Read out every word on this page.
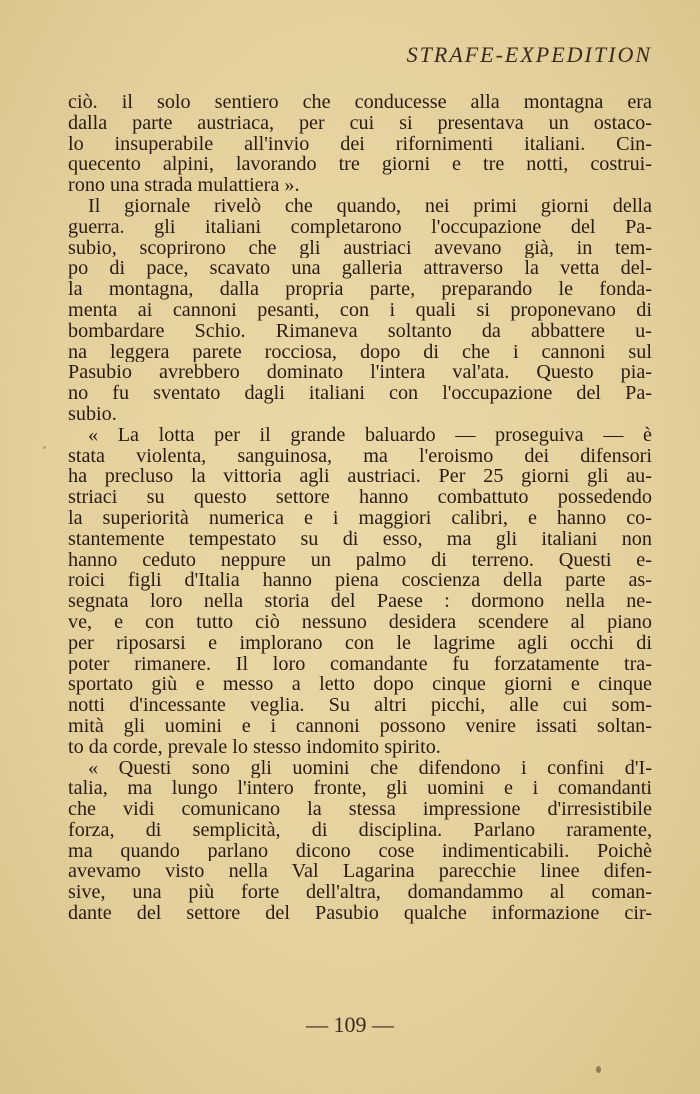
STRAFE-EXPEDITION
ciò. il solo sentiero che conducesse alla montagna era
dalla parte austriaca, per cui si presentava un ostaco-
lo insuperabile all'invio dei rifornimenti italiani. Cin-
quecento alpini, lavorando tre giorni e tre notti, costrui-
rono una strada mulattiera ».
Il giornale rivelò che quando, nei primi giorni della
guerra. gli italiani completarono l'occupazione del Pa-
subio, scoprirono che gli austriaci avevano già, in tem-
po di pace, scavato una galleria attraverso la vetta del-
la montagna, dalla propria parte, preparando le fonda-
menta ai cannoni pesanti, con i quali si proponevano di
bombardare Schio. Rimaneva soltanto da abbattere u-
na leggera parete rocciosa, dopo di che i cannoni sul
Pasubio avrebbero dominato l'intera val'ata. Questo pia-
no fu sventato dagli italiani con l'occupazione del Pa-
subio.
« La lotta per il grande baluardo — proseguiva — è
stata violenta, sanguinosa, ma l'eroismo dei difensori
ha precluso la vittoria agli austriaci. Per 25 giorni gli au-
striaci su questo settore hanno combattuto possedendo
la superiorità numerica e i maggiori calibri, e hanno co-
stantemente tempestato su di esso, ma gli italiani non
hanno ceduto neppure un palmo di terreno. Questi e-
roici figli d'Italia hanno piena coscienza della parte as-
segnata loro nella storia del Paese : dormono nella ne-
ve, e con tutto ciò nessuno desidera scendere al piano
per riposarsi e implorano con le lagrime agli occhi di
poter rimanere. Il loro comandante fu forzatamente tra-
sportato giù e messo a letto dopo cinque giorni e cinque
notti d'incessante veglia. Su altri picchi, alle cui som-
mità gli uomini e i cannoni possono venire issati soltan-
to da corde, prevale lo stesso indomito spirito.
« Questi sono gli uomini che difendono i confini d'I-
talia, ma lungo l'intero fronte, gli uomini e i comandanti
che vidi comunicano la stessa impressione d'irresistibile
forza, di semplicità, di disciplina. Parlano raramente,
ma quando parlano dicono cose indimenticabili. Poichè
avevamo visto nella Val Lagarina parecchie linee difen-
sive, una più forte dell'altra, domandammo al coman-
dante del settore del Pasubio qualche informazione cir-
— 109 —
